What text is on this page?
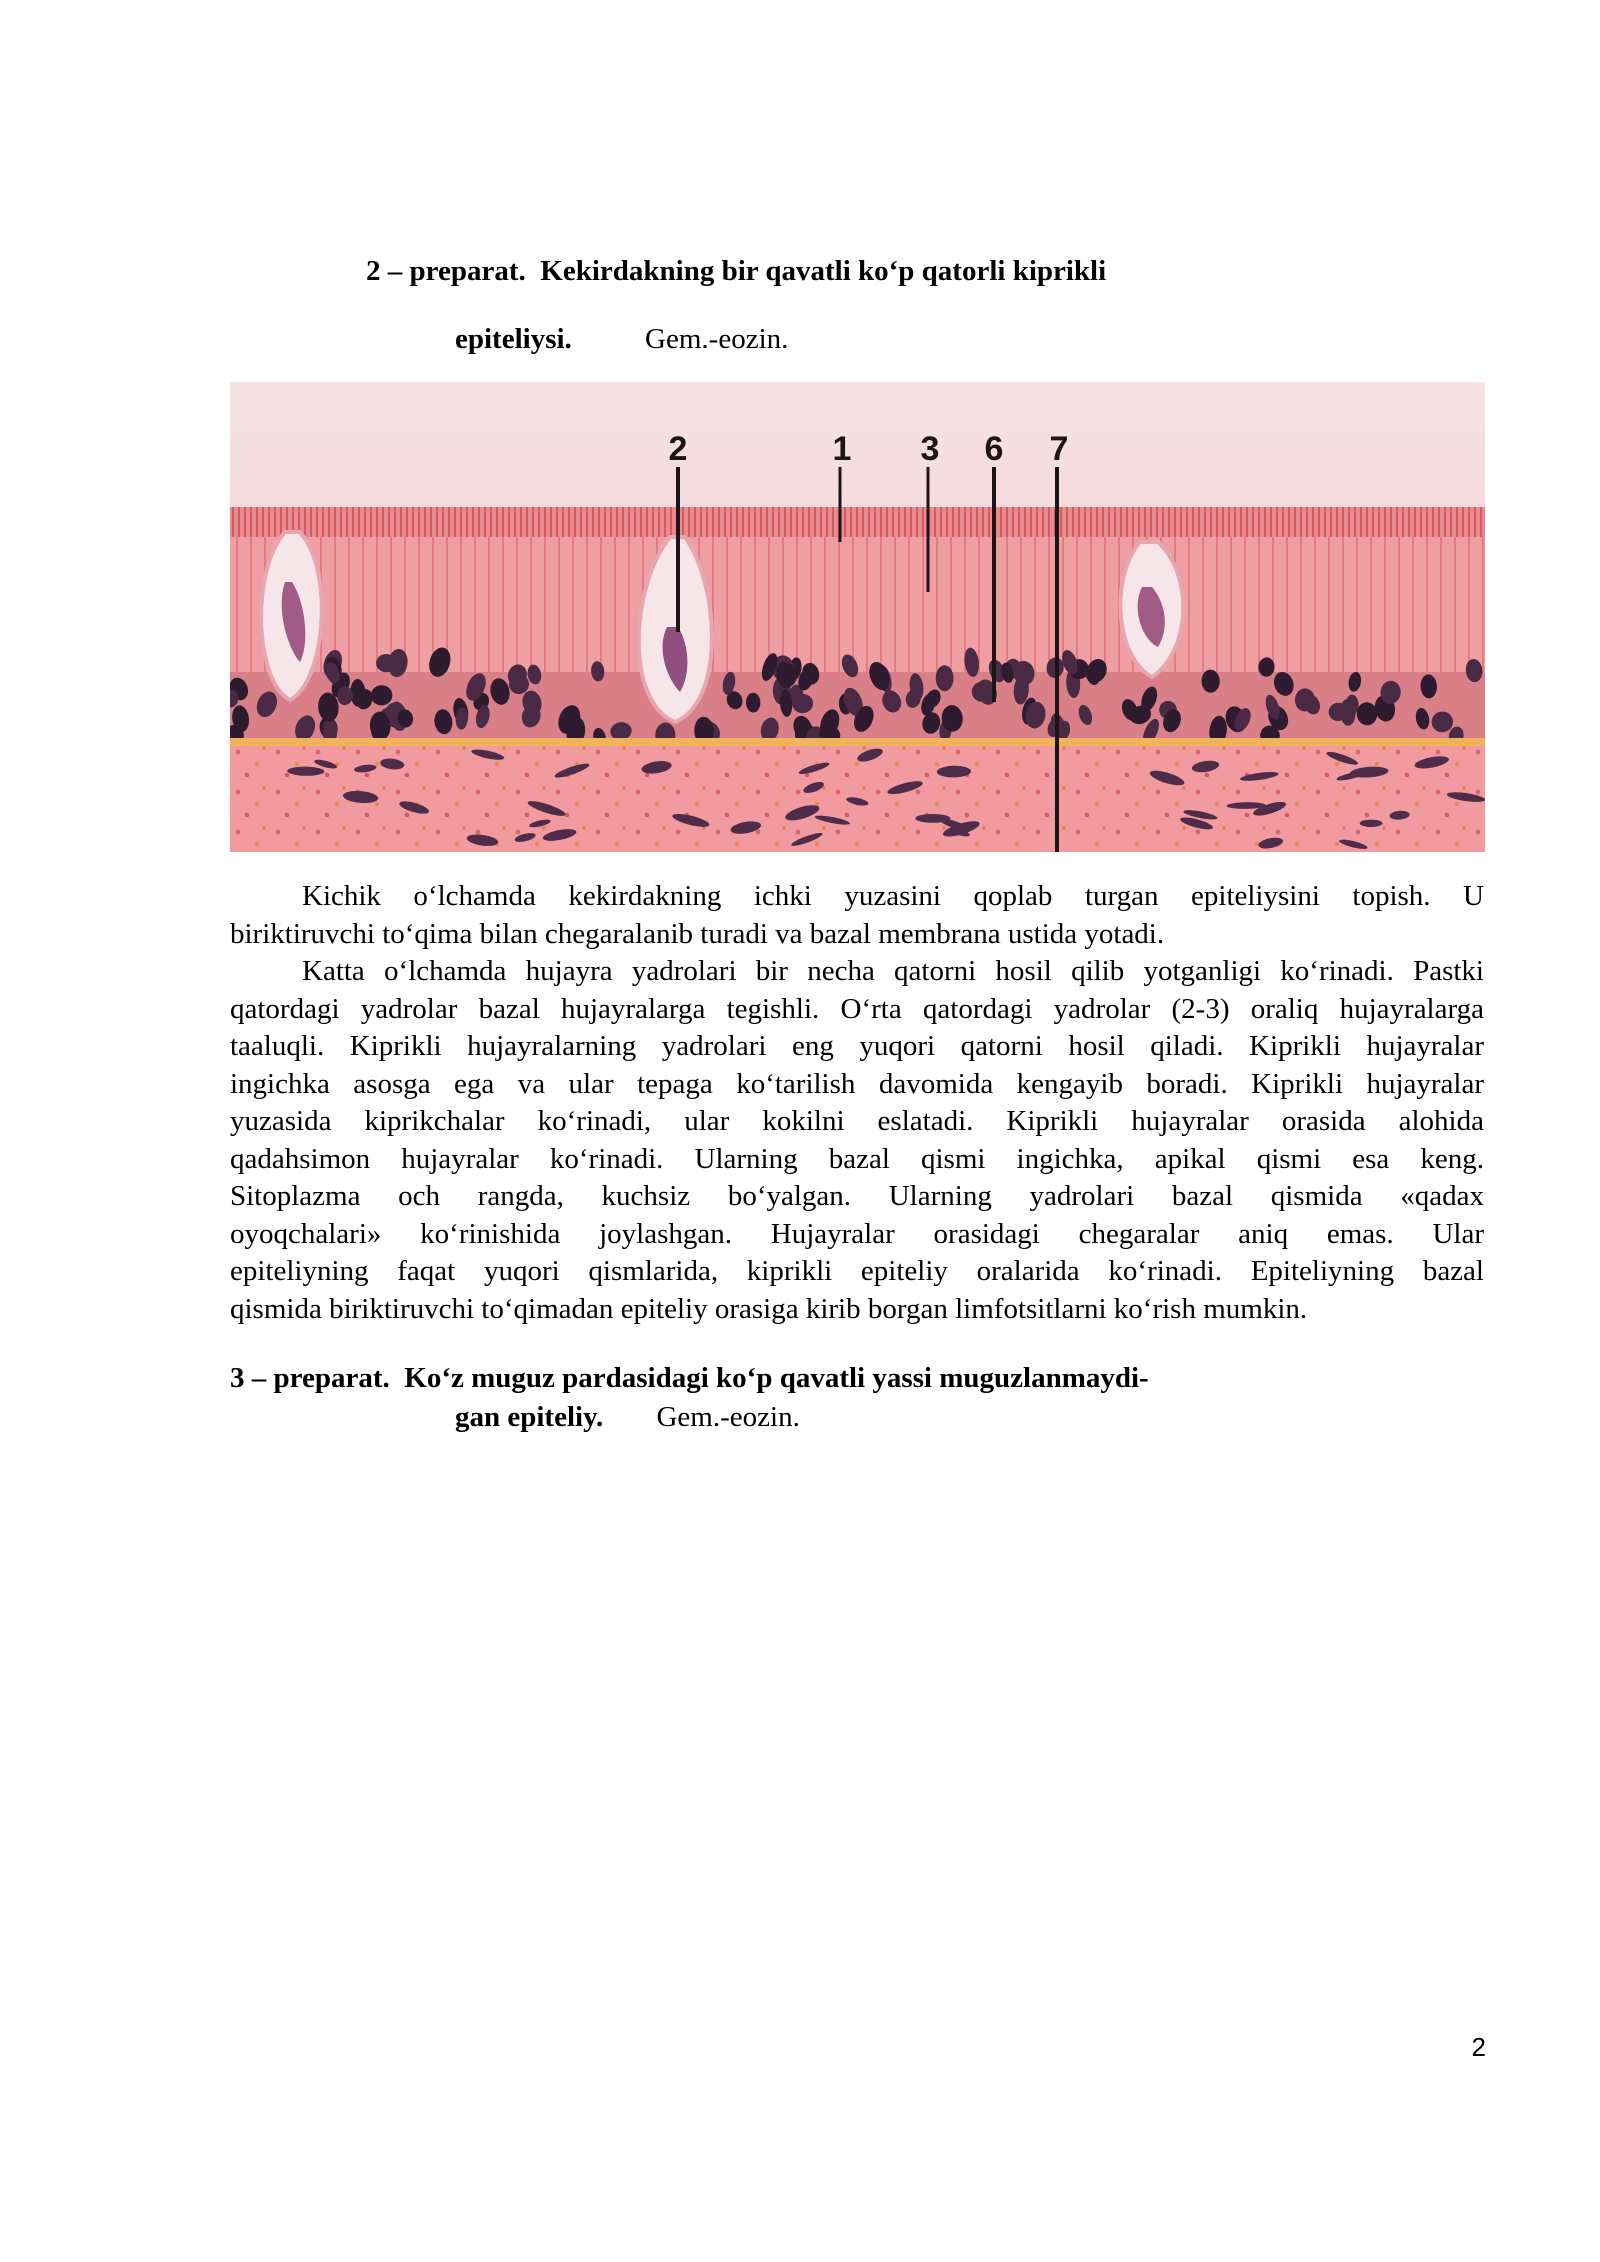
2 – preparat. Kekirdakning bir qavatli ko‘p qatorli kiprikli
epiteliysi.	Gem.-eozin.
2	1 3 6 7
Kichik o‘lchamda kekirdakning ichki yuzasini qoplab turgan epiteliysini topish. U
biriktiruvchi to‘qima bilan chegaralanib turadi va bazal membrana ustida yotadi.
Katta o‘lchamda hujayra yadrolari bir necha qatorni hosil qilib yotganligi ko‘rinadi. Pastki
qatordagi yadrolar bazal hujayralarga tegishli. O‘rta qatordagi yadrolar (2-3) oraliq hujayralarga
taaluqli. Kiprikli hujayralarning yadrolari eng yuqori qatorni hosil qiladi. Kiprikli hujayralar
ingichka asosga ega va ular tepaga ko‘tarilish davomida kengayib boradi. Kiprikli hujayralar
yuzasida kiprikchalar ko‘rinadi, ular kokilni eslatadi. Kiprikli hujayralar orasida alohida
qadahsimon hujayralar ko‘rinadi. Ularning bazal qismi ingichka, apikal qismi esa keng.
Sitoplazma och rangda, kuchsiz bo‘yalgan. Ularning yadrolari bazal qismida «qadax
oyoqchalari» ko‘rinishida joylashgan. Hujayralar orasidagi chegaralar aniq emas. Ular
epiteliyning faqat yuqori qismlarida, kiprikli epiteliy oralarida ko‘rinadi. Epiteliyning bazal
qismida biriktiruvchi to‘qimadan epiteliy orasiga kirib borgan limfotsitlarni ko‘rish mumkin.
3 – preparat. Ko‘z muguz pardasidagi ko‘p qavatli yassi muguzlanmaydi-
gan epiteliy. Gem.-eozin.
2
